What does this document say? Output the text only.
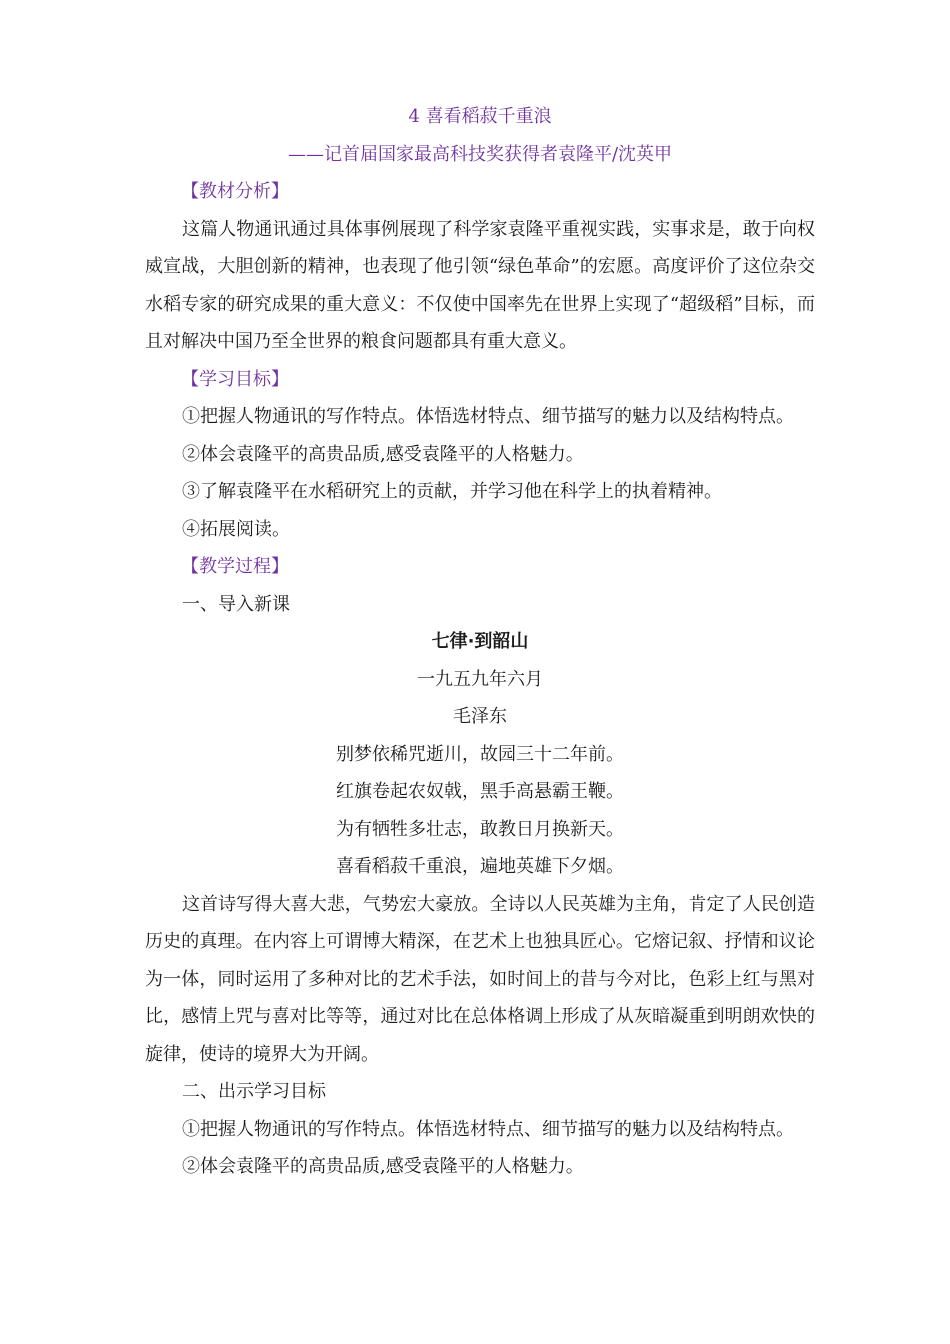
4 喜看稻菽千重浪
——记首届国家最高科技奖获得者袁隆平/沈英甲
【教材分析】

这篇人物通讯通过具体事例展现了科学家袁隆平重视实践，实事求是，敢于向权威宣战，大胆创新的精神，也表现了他引领“绿色革命”的宏愿。高度评价了这位杂交水稻专家的研究成果的重大意义：不仅使中国率先在世界上实现了“超级稻”目标，而且对解决中国乃至全世界的粮食问题都具有重大意义。

【学习目标】
①把握人物通讯的写作特点。体悟选材特点、细节描写的魅力以及结构特点。
②体会袁隆平的高贵品质,感受袁隆平的人格魅力。
③了解袁隆平在水稻研究上的贡献，并学习他在科学上的执着精神。
④拓展阅读。
【教学过程】
一、导入新课
七律·到韶山
一九五九年六月
毛泽东
别梦依稀咒逝川，故园三十二年前。
红旗卷起农奴戟，黑手高悬霸王鞭。
为有牺牲多壮志，敢教日月换新天。
喜看稻菽千重浪，遍地英雄下夕烟。

这首诗写得大喜大悲，气势宏大豪放。全诗以人民英雄为主角，肯定了人民创造历史的真理。在内容上可谓博大精深，在艺术上也独具匠心。它熔记叙、抒情和议论为一体，同时运用了多种对比的艺术手法，如时间上的昔与今对比，色彩上红与黑对比，感情上咒与喜对比等等，通过对比在总体格调上形成了从灰暗凝重到明朗欢快的旋律，使诗的境界大为开阔。

二、出示学习目标
①把握人物通讯的写作特点。体悟选材特点、细节描写的魅力以及结构特点。
②体会袁隆平的高贵品质,感受袁隆平的人格魅力。
